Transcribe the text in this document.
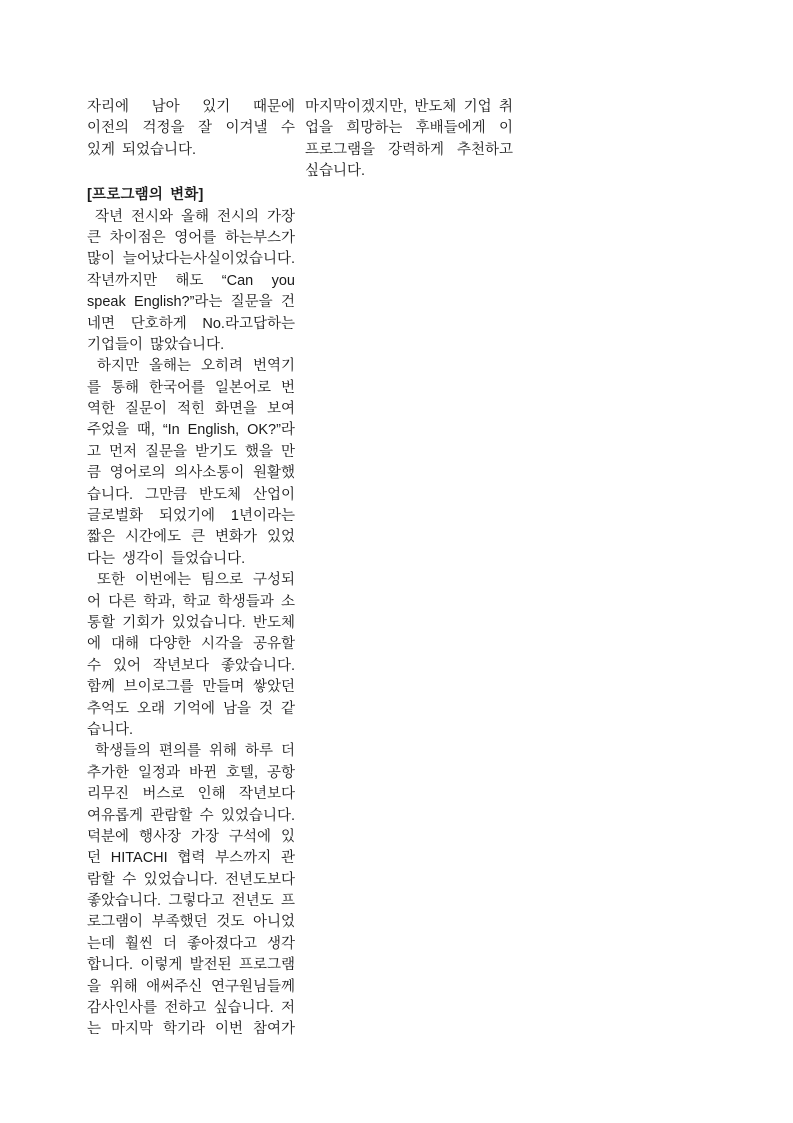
자리에 남아 있기 때문에
이전의 걱정을 잘 이겨낼 수
있게 되었습니다.
[프로그램의 변화]
작년 전시와 올해 전시의 가장
큰 차이점은 영어를 하는부스가
많이 늘어났다는사실이었습니다.
작년까지만 해도 “Can you
speak English?”라는 질문을 건
네면 단호하게 No.라고답하는
기업들이 많았습니다.
하지만 올해는 오히려 번역기
를 통해 한국어를 일본어로 번
역한 질문이 적힌 화면을 보여
주었을 때, “In English, OK?”라
고 먼저 질문을 받기도 했을 만
큼 영어로의 의사소통이 원활했
습니다. 그만큼 반도체 산업이
글로벌화 되었기에 1년이라는
짧은 시간에도 큰 변화가 있었
다는 생각이 들었습니다.
또한 이번에는 팀으로 구성되
어 다른 학과, 학교 학생들과 소
통할 기회가 있었습니다. 반도체
에 대해 다양한 시각을 공유할
수 있어 작년보다 좋았습니다.
함께 브이로그를 만들며 쌓았던
추억도 오래 기억에 남을 것 같
습니다.
학생들의 편의를 위해 하루 더
추가한 일정과 바뀐 호텔, 공항
리무진 버스로 인해 작년보다
여유롭게 관람할 수 있었습니다.
덕분에 행사장 가장 구석에 있
던 HITACHI 협력 부스까지 관
람할 수 있었습니다. 전년도보다
좋았습니다. 그렇다고 전년도 프
로그램이 부족했던 것도 아니었
는데 훨씬 더 좋아졌다고 생각
합니다. 이렇게 발전된 프로그램
을 위해 애써주신 연구원님들께
감사인사를 전하고 싶습니다. 저
는 마지막 학기라 이번 참여가
마지막이겠지만, 반도체 기업 취
업을 희망하는 후배들에게 이
프로그램을 강력하게 추천하고
싶습니다.
